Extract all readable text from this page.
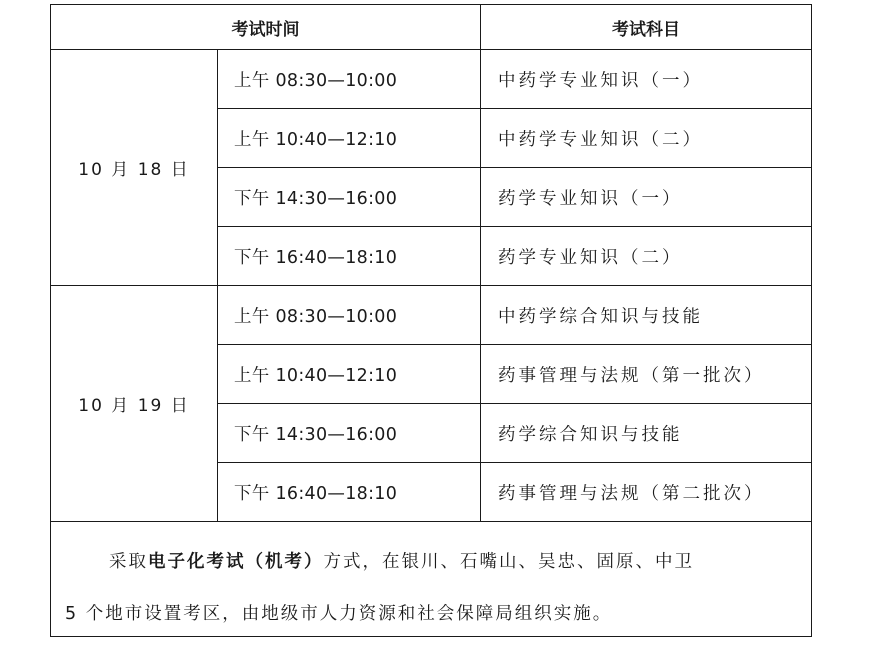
考试时间		考试科目
10 月 18 日	上午 08:30—10:00	中药学专业知识（一）
	上午 10:40—12:10	中药学专业知识（二）
	下午 14:30—16:00	药学专业知识（一）
	下午 16:40—18:10	药学专业知识（二）
10 月 19 日	上午 08:30—10:00	中药学综合知识与技能
	上午 10:40—12:10	药事管理与法规（第一批次）
	下午 14:30—16:00	药学综合知识与技能
	下午 16:40—18:10	药事管理与法规（第二批次）

采取电子化考试（机考）方式，在银川、石嘴山、吴忠、固原、中卫
5 个地市设置考区，由地级市人力资源和社会保障局组织实施。		
